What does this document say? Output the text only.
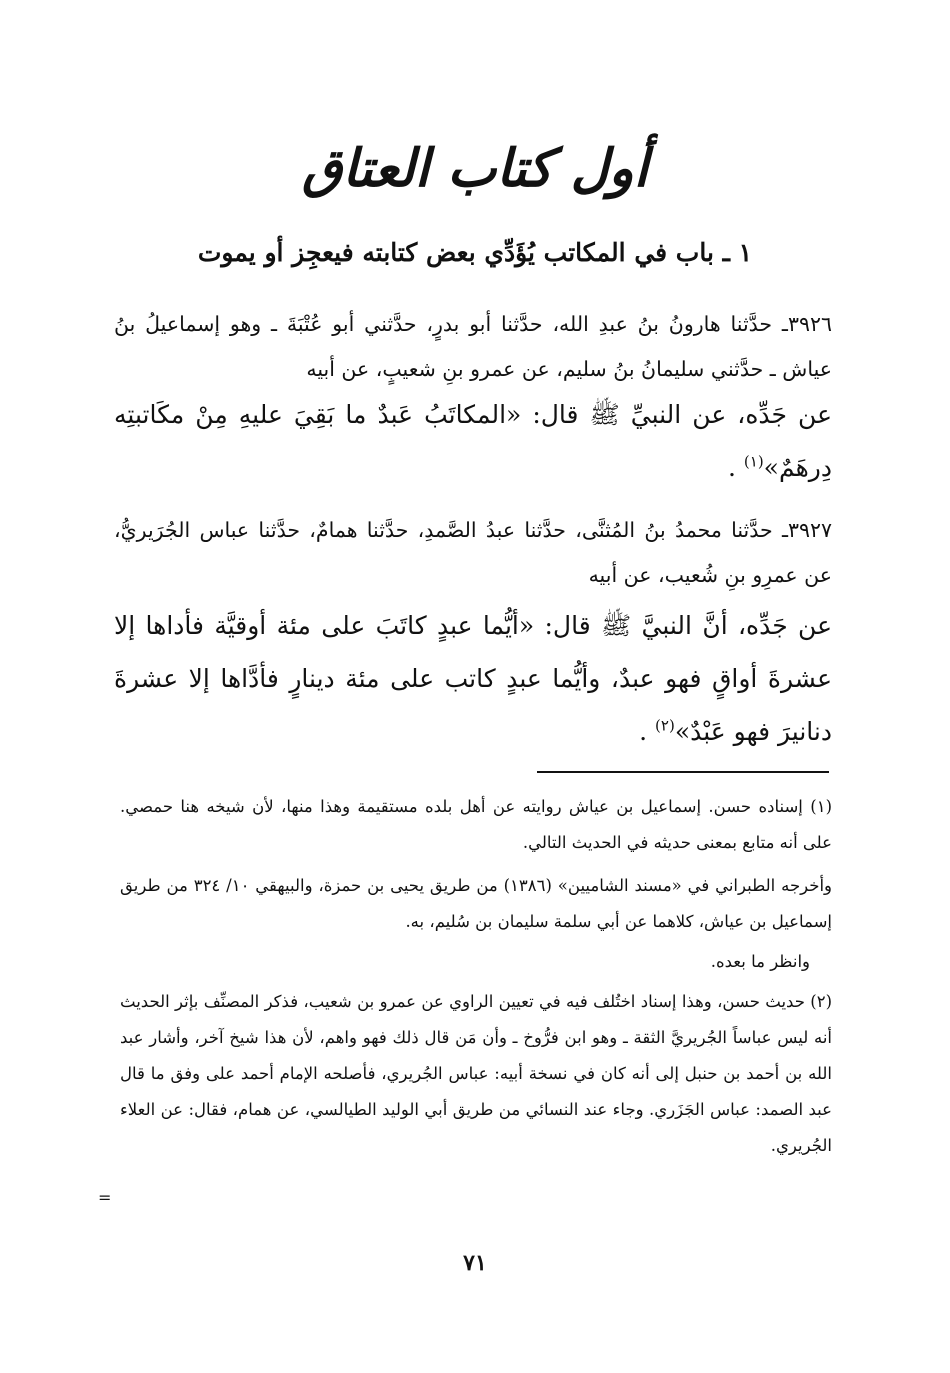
أول كتاب العتاق
١ ـ باب في المكاتب يُؤَدِّي بعض كتابته فيعجِز أو يموت

٣٩٢٦ـ حدَّثنا هارونُ بنُ عبدِ الله، حدَّثنا أبو بدرٍ، حدَّثني أبو عُتْبَةَ ـ وهو إسماعيلُ بنُ عياش ـ حدَّثني سليمانُ بنُ سليم، عن عمرو بنِ شعيبٍ، عن أبيه

عن جَدِّه، عن النبيِّ ﷺ قال: «المكاتَبُ عَبدٌ ما بَقِيَ عليهِ مِنْ مكَاتبتِه دِرهَمٌ»$^{(١)}$ .

٣٩٢٧ـ حدَّثنا محمدُ بنُ المُثنَّى، حدَّثنا عبدُ الصَّمدِ، حدَّثنا همامٌ، حدَّثنا عباس الجُرَيريُّ، عن عمرِو بنِ شُعيب، عن أبيه

عن جَدِّه، أنَّ النبيَّ ﷺ قال: «أيُّما عبدٍ كاتَبَ على مئة أوقيَّة فأداها إلا عشرةَ أواقٍ فهو عبدٌ، وأيُّما عبدٍ كاتب على مئة دينارٍ فأدَّاها إلا عشرةَ دنانيرَ فهو عَبْدٌ»$^{(٢)}$ .

(١) إسناده حسن. إسماعيل بن عياش روايته عن أهل بلده مستقيمة وهذا منها، لأن شيخه هنا حمصي. على أنه متابع بمعنى حديثه في الحديث التالي.

وأخرجه الطبراني في «مسند الشاميين» (١٣٨٦) من طريق يحيى بن حمزة، والبيهقي ١٠/ ٣٢٤ من طريق إسماعيل بن عياش، كلاهما عن أبي سلمة سليمان بن سُليم، به.

وانظر ما بعده.

(٢) حديث حسن، وهذا إسناد اختُلف فيه في تعيين الراوي عن عمرو بن شعيب، فذكر المصنِّف بإثر الحديث أنه ليس عباساً الجُريريَّ الثقة ـ وهو ابن فرُّوخ ـ وأن مَن قال ذلك فهو واهم، لأن هذا شيخ آخر، وأشار عبد الله بن أحمد بن حنبل إلى أنه كان في نسخة أبيه: عباس الجُريري، فأصلحه الإمام أحمد على وفق ما قال عبد الصمد: عباس الجَزَري. وجاء عند النسائي من طريق أبي الوليد الطيالسي، عن همام، فقال: عن العلاء الجُريري.

=
٧١
